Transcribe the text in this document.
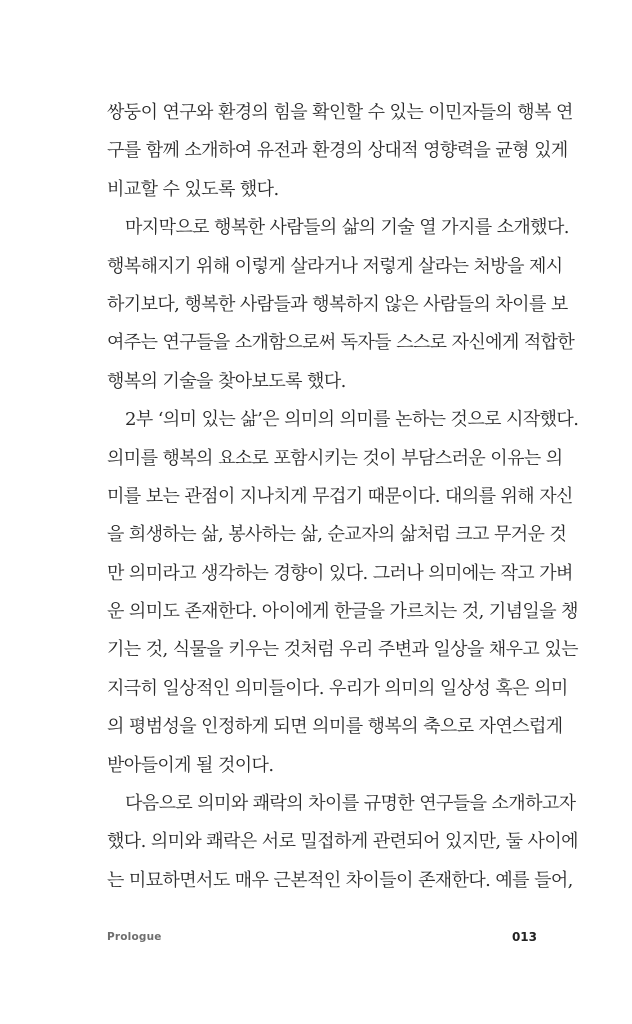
쌍둥이 연구와 환경의 힘을 확인할 수 있는 이민자들의 행복 연
구를 함께 소개하여 유전과 환경의 상대적 영향력을 균형 있게
비교할 수 있도록 했다.
마지막으로 행복한 사람들의 삶의 기술 열 가지를 소개했다.
행복해지기 위해 이렇게 살라거나 저렇게 살라는 처방을 제시
하기보다, 행복한 사람들과 행복하지 않은 사람들의 차이를 보
여주는 연구들을 소개함으로써 독자들 스스로 자신에게 적합한
행복의 기술을 찾아보도록 했다.
2부 ‘의미 있는 삶’은 의미의 의미를 논하는 것으로 시작했다.
의미를 행복의 요소로 포함시키는 것이 부담스러운 이유는 의
미를 보는 관점이 지나치게 무겁기 때문이다. 대의를 위해 자신
을 희생하는 삶, 봉사하는 삶, 순교자의 삶처럼 크고 무거운 것
만 의미라고 생각하는 경향이 있다. 그러나 의미에는 작고 가벼
운 의미도 존재한다. 아이에게 한글을 가르치는 것, 기념일을 챙
기는 것, 식물을 키우는 것처럼 우리 주변과 일상을 채우고 있는
지극히 일상적인 의미들이다. 우리가 의미의 일상성 혹은 의미
의 평범성을 인정하게 되면 의미를 행복의 축으로 자연스럽게
받아들이게 될 것이다.
다음으로 의미와 쾌락의 차이를 규명한 연구들을 소개하고자
했다. 의미와 쾌락은 서로 밀접하게 관련되어 있지만, 둘 사이에
는 미묘하면서도 매우 근본적인 차이들이 존재한다. 예를 들어,
Prologue	013
